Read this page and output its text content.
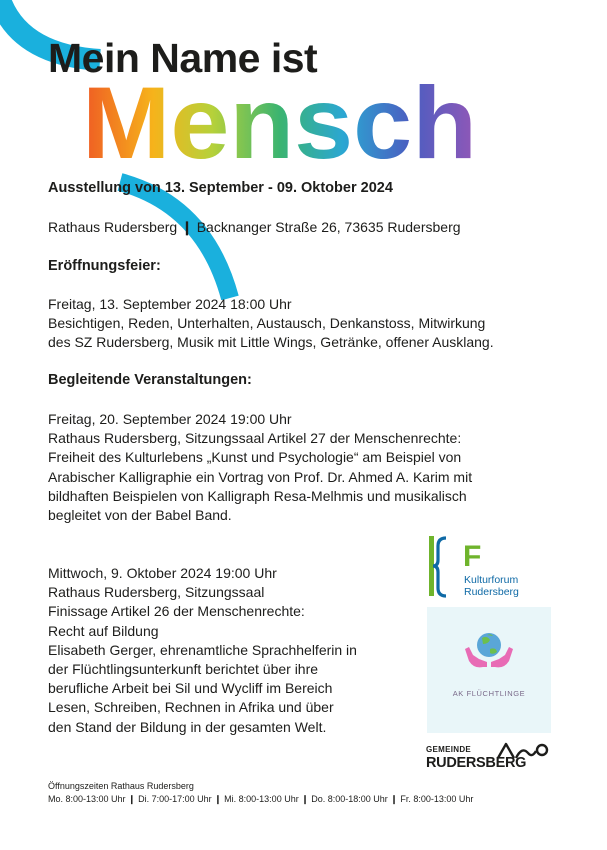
Mein Name ist
Mensch
Ausstellung von 13. September - 09. Oktober 2024
Rathaus Rudersberg ❙ Backnanger Straße 26, 73635 Rudersberg
Eröffnungsfeier:
Freitag, 13. September 2024 18:00 Uhr
Besichtigen, Reden, Unterhalten, Austausch, Denkanstoss, Mitwirkung
des SZ Rudersberg, Musik mit Little Wings, Getränke, offener Ausklang.
Begleitende Veranstaltungen:
Freitag, 20. September 2024 19:00 Uhr
Rathaus Rudersberg, Sitzungssaal Artikel 27 der Menschenrechte:
Freiheit des Kulturlebens „Kunst und Psychologie“ am Beispiel von
Arabischer Kalligraphie ein Vortrag von Prof. Dr. Ahmed A. Karim mit
bildhaften Beispielen von Kalligraph Resa-Melhmis und musikalisch
begleitet von der Babel Band.
Mittwoch, 9. Oktober 2024 19:00 Uhr
Rathaus Rudersberg, Sitzungssaal
Finissage Artikel 26 der Menschenrechte:
Recht auf Bildung
Elisabeth Gerger, ehrenamtliche Sprachhelferin in
der Flüchtlingsunterkunft berichtet über ihre
berufliche Arbeit bei Sil und Wycliff im Bereich
Lesen, Schreiben, Rechnen in Afrika und über
den Stand der Bildung in der gesamten Welt.
F
Kulturforum
Rudersberg
AK FLÜCHTLINGE
GEMEINDE
RUDERSBERG
Öffnungszeiten Rathaus Rudersberg
Mo. 8:00-13:00 Uhr ❙ Di. 7:00-17:00 Uhr ❙ Mi. 8:00-13:00 Uhr ❙ Do. 8:00-18:00 Uhr ❙ Fr. 8:00-13:00 Uhr
